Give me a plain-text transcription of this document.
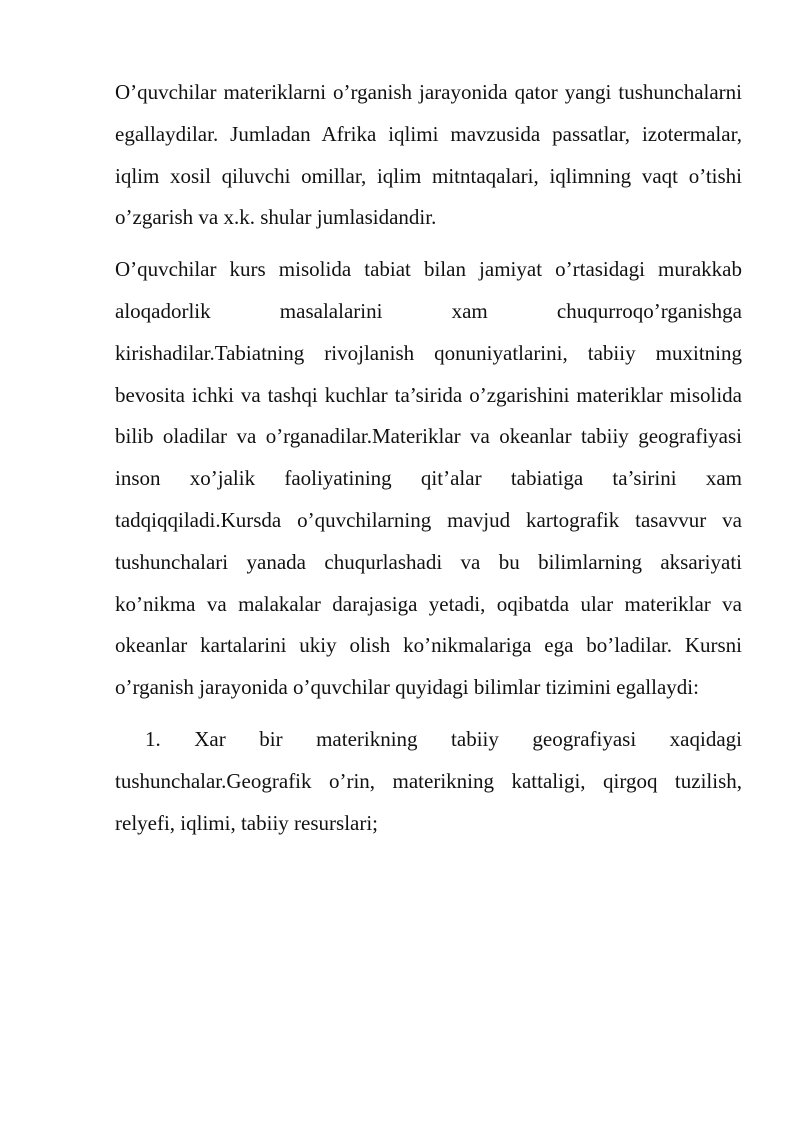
O’quvchilar materiklarni o’rganish jarayonida qator yangi tushunchalarni egallaydilar. Jumladan Afrika iqlimi mavzusida passatlar, izotermalar, iqlim xosil qiluvchi omillar, iqlim mitntaqalari, iqlimning vaqt o’tishi o’zgarish va x.k. shular jumlasidandir.

O’quvchilar kurs misolida tabiat bilan jamiyat o’rtasidagi murakkab aloqadorlik masalalarini xam chuqurroqo’rganishga kirishadilar.Tabiatning rivojlanish qonuniyatlarini, tabiiy muxitning bevosita ichki va tashqi kuchlar ta’sirida o’zgarishini materiklar misolida bilib oladilar va o’rganadilar.Materiklar va okeanlar tabiiy geografiyasi inson xo’jalik faoliyatining qit’alar tabiatiga ta’sirini xam tadqiqqiladi.Kursda o’quvchilarning mavjud kartografik tasavvur va tushunchalari yanada chuqurlashadi va bu bilimlarning aksariyati ko’nikma va malakalar darajasiga yetadi, oqibatda ular materiklar va okeanlar kartalarini ukiy olish ko’nikmalariga ega bo’ladilar. Kursni o’rganish jarayonida o’quvchilar quyidagi bilimlar tizimini egallaydi:

1. Xar bir materikning tabiiy geografiyasi xaqidagi tushunchalar.Geografik o’rin, materikning kattaligi, qirgoq tuzilish, relyefi, iqlimi, tabiiy resurslari;
